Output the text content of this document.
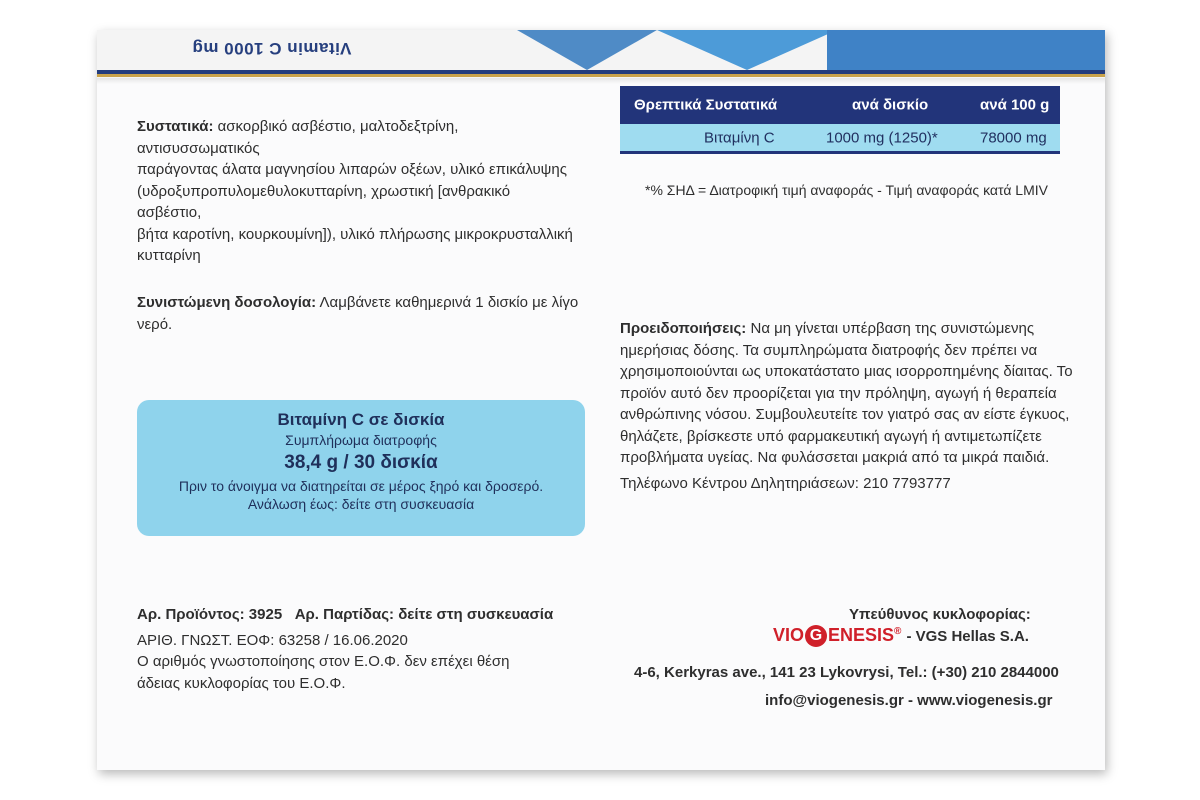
Vitamin C 1000 mg
Συστατικά: ασκορβικό ασβέστιο, μαλτοδεξτρίνη, αντισυσσωματικός
παράγοντας άλατα μαγνησίου λιπαρών οξέων, υλικό επικάλυψης
(υδροξυπροπυλομεθυλοκυτταρίνη, χρωστική [ανθρακικό ασβέστιο,
βήτα καροτίνη, κουρκουμίνη]), υλικό πλήρωσης μικροκρυσταλλική
κυτταρίνη
Θρεπτικά Συστατικά	ανά δισκίο	ανά 100 g
Βιταμίνη C	1000 mg (1250)*	78000 mg
*% ΣΗΔ = Διατροφική τιμή αναφοράς - Τιμή αναφοράς κατά LMIV
Συνιστώμενη δοσολογία: Λαμβάνετε καθημερινά 1 δισκίο με λίγο
νερό.	Προειδοποιήσεις: Να μη γίνεται υπέρβαση της συνιστώμενης
ημερήσιας δόσης. Τα συμπληρώματα διατροφής δεν πρέπει να
χρησιμοποιούνται ως υποκατάστατο μιας ισορροπημένης δίαιτας. Το
προϊόν αυτό δεν προορίζεται για την πρόληψη, αγωγή ή θεραπεία
ανθρώπινης νόσου. Συμβουλευτείτε τον γιατρό σας αν είστε έγκυος,
θηλάζετε, βρίσκεστε υπό φαρμακευτική αγωγή ή αντιμετωπίζετε
προβλήματα υγείας. Να φυλάσσεται μακριά από τα μικρά παιδιά.
Τηλέφωνο Κέντρου Δηλητηριάσεων: 210 7793777
Βιταμίνη C σε δισκία
Συμπλήρωμα διατροφής
38,4 g / 30 δισκία
Πριν το άνοιγμα να διατηρείται σε μέρος ξηρό και δροσερό.
Ανάλωση έως: δείτε στη συσκευασία
Αρ. Προϊόντος: 3925 Αρ. Παρτίδας: δείτε στη συσκευασία
ΑΡΙΘ. ΓΝΩΣΤ. ΕΟΦ: 63258 / 16.06.2020
Ο αριθμός γνωστοποίησης στον Ε.Ο.Φ. δεν επέχει θέση
άδειας κυκλοφορίας του Ε.Ο.Φ.
Υπεύθυνος κυκλοφορίας:
VIO G ENESIS® - VGS Hellas S.A.
4-6, Kerkyras ave., 141 23 Lykovrysi, Tel.: (+30) 210 2844000
info@viogenesis.gr - www.viogenesis.gr
